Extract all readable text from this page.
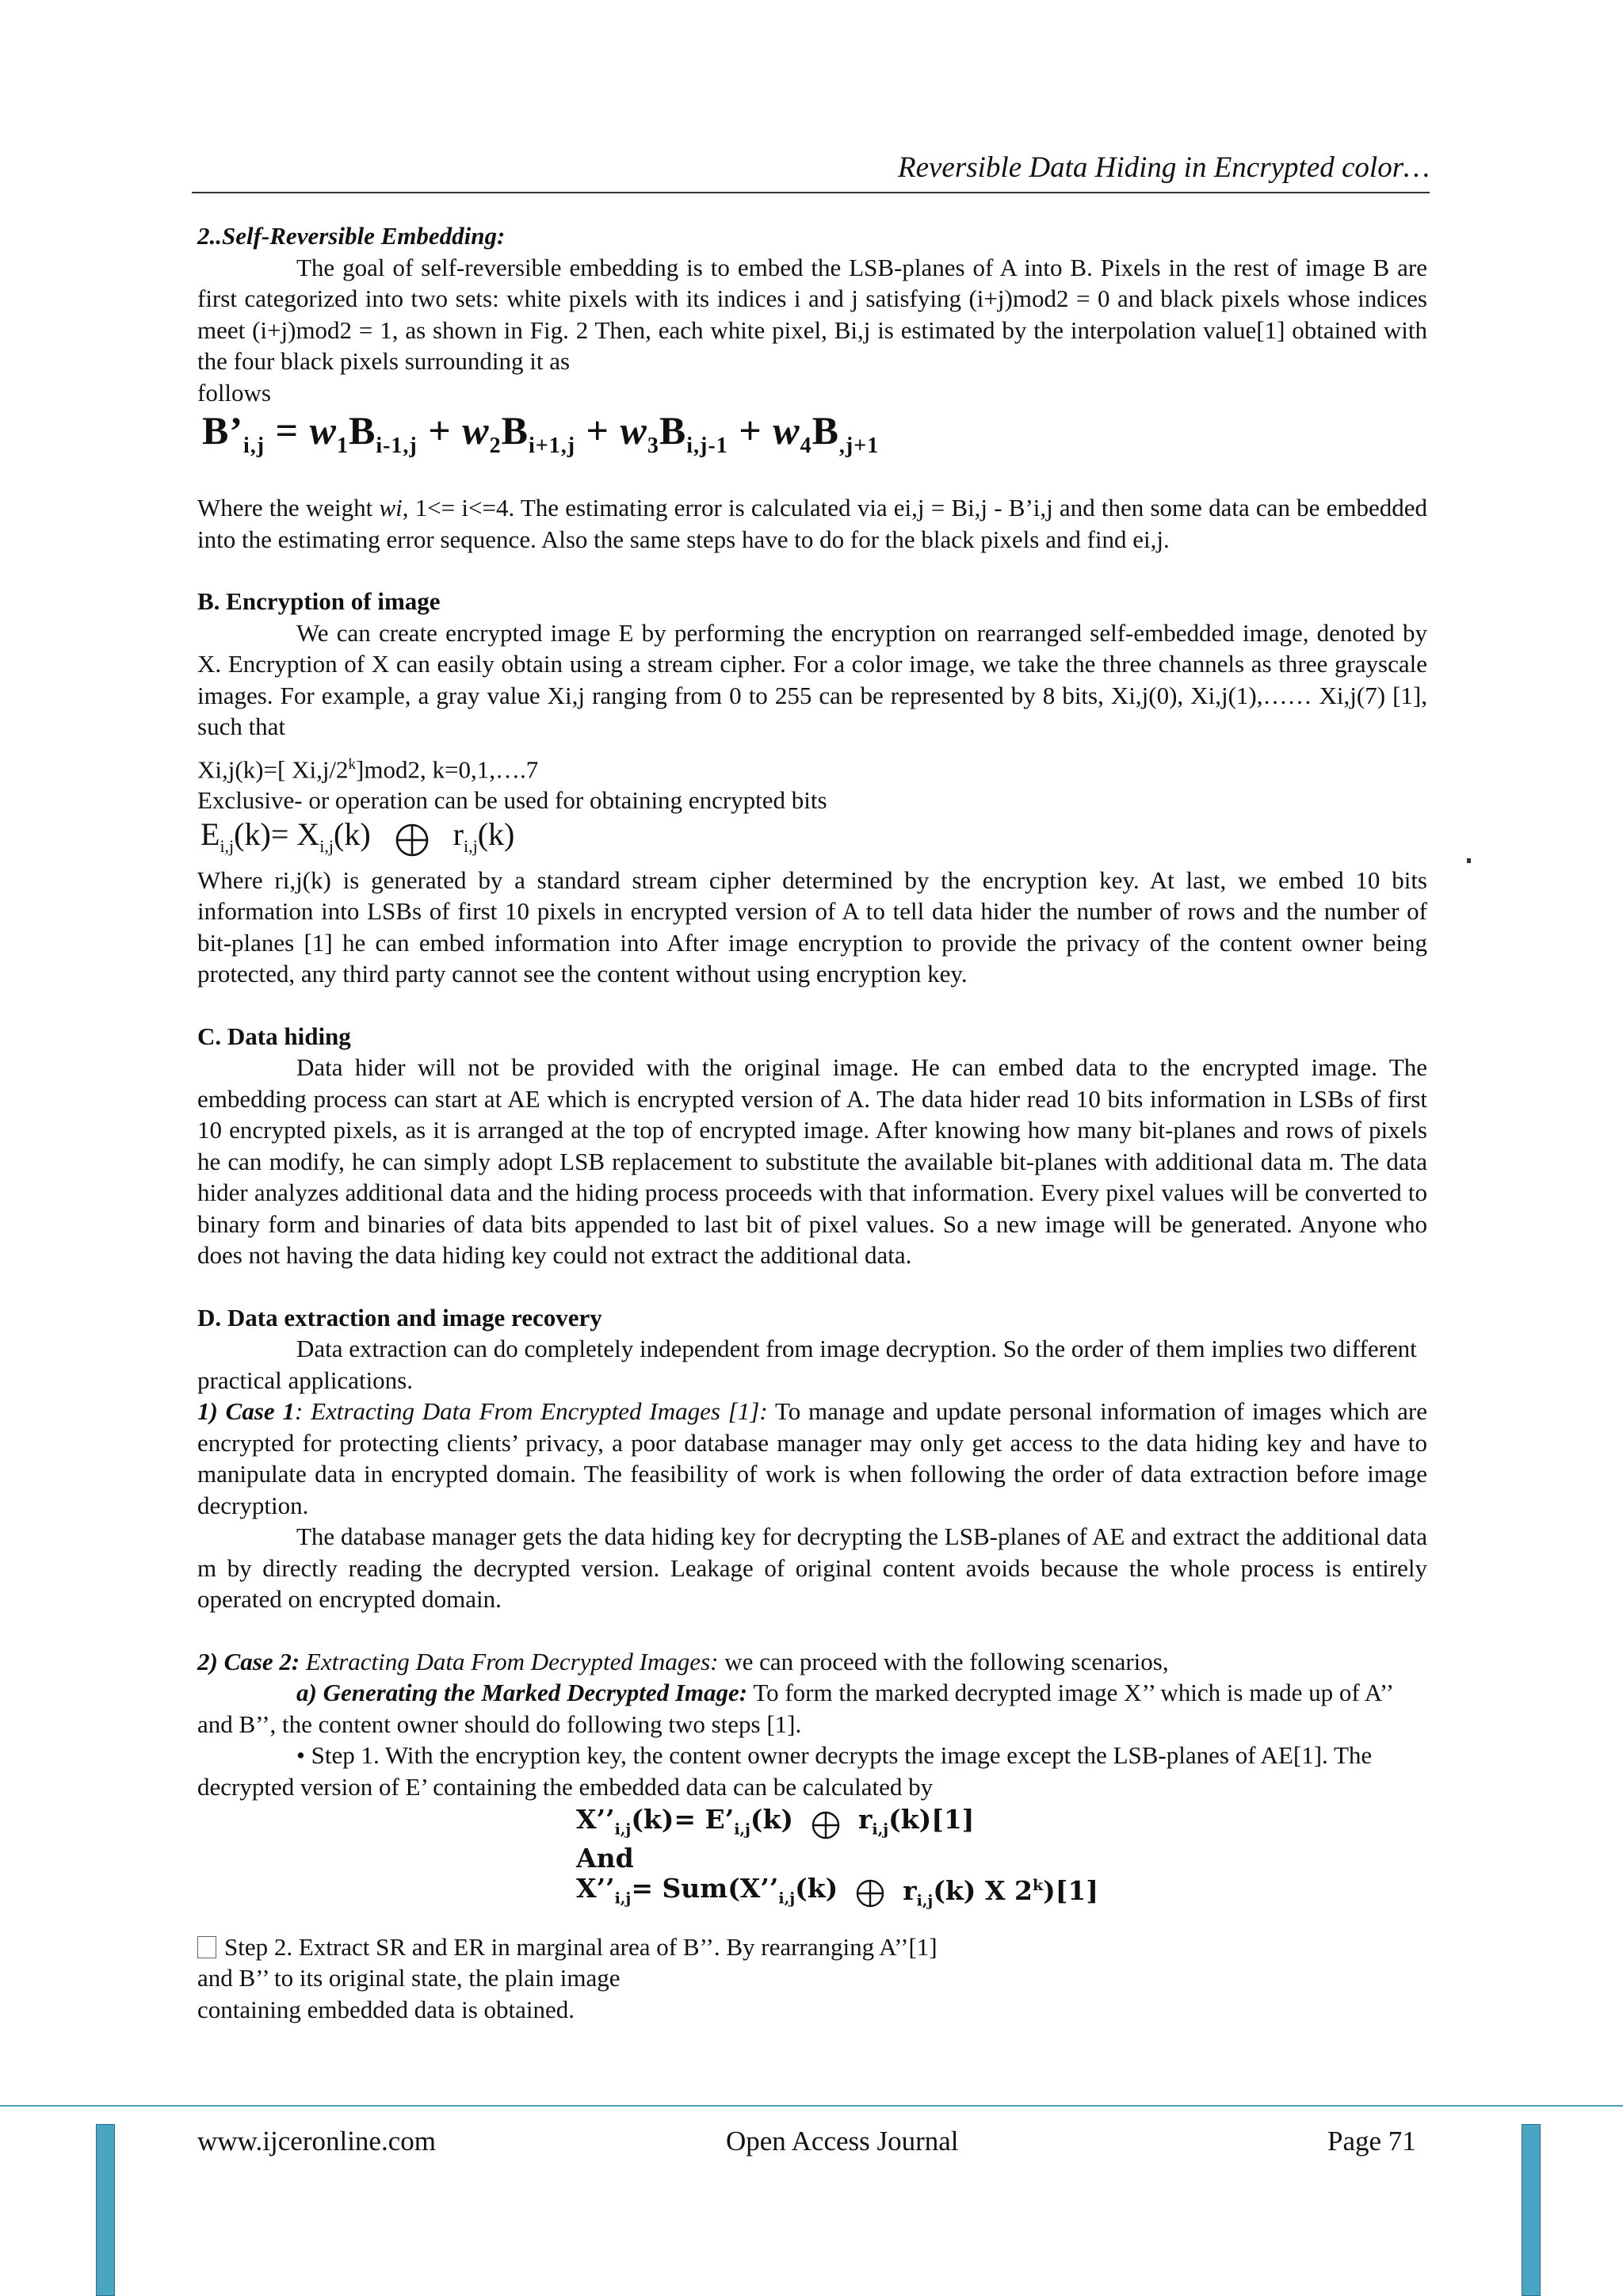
Reversible Data Hiding in Encrypted color…

2..Self-Reversible Embedding:

The goal of self-reversible embedding is to embed the LSB-planes of A into B. Pixels in the rest of image B are first categorized into two sets: white pixels with its indices i and j satisfying (i+j)mod2 = 0 and black pixels whose indices meet (i+j)mod2 = 1, as shown in Fig. 2 Then, each white pixel, Bi,j is estimated by the interpolation value[1] obtained with the four black pixels surrounding it as

follows

$B’_{i,j} = w_1B_{i-1,j} + w_2B_{i+1,j} + w_3B_{i,j-1} + w_4B_{,j+1}$

Where the weight wi, 1<= i<=4. The estimating error is calculated via ei,j = Bi,j - B’i,j and then some data can be embedded into the estimating error sequence. Also the same steps have to do for the black pixels and find ei,j.

B. Encryption of image

We can create encrypted image E by performing the encryption on rearranged self-embedded image, denoted by X. Encryption of X can easily obtain using a stream cipher. For a color image, we take the three channels as three grayscale images. For example, a gray value Xi,j ranging from 0 to 255 can be represented by 8 bits, Xi,j(0), Xi,j(1),…… Xi,j(7) [1], such that

Xi,j(k)=[ Xi,j/2$^k$]mod2, k=0,1,….7

Exclusive- or operation can be used for obtaining encrypted bits

$E_{i,j}(k)= X_{i,j}(k)$	$r_{i,j}(k)$

Where ri,j(k) is generated by a standard stream cipher determined by the encryption key. At last, we embed 10 bits information into LSBs of first 10 pixels in encrypted version of A to tell data hider the number of rows and the number of bit-planes [1] he can embed information into After image encryption to provide the privacy of the content owner being protected, any third party cannot see the content without using encryption key.

C. Data hiding

Data hider will not be provided with the original image. He can embed data to the encrypted image. The embedding process can start at AE which is encrypted version of A. The data hider read 10 bits information in LSBs of first 10 encrypted pixels, as it is arranged at the top of encrypted image. After knowing how many bit-planes and rows of pixels he can modify, he can simply adopt LSB replacement to substitute the available bit-planes with additional data m. The data hider analyzes additional data and the hiding process proceeds with that information. Every pixel values will be converted to binary form and binaries of data bits appended to last bit of pixel values. So a new image will be generated. Anyone who does not having the data hiding key could not extract the additional data.

D. Data extraction and image recovery

Data extraction can do completely independent from image decryption. So the order of them implies two different practical applications.

1) Case 1: Extracting Data From Encrypted Images [1]: To manage and update personal information of images which are encrypted for protecting clients’ privacy, a poor database manager may only get access to the data hiding key and have to manipulate data in encrypted domain. The feasibility of work is when following the order of data extraction before image decryption.

The database manager gets the data hiding key for decrypting the LSB-planes of AE and extract the additional data m by directly reading the decrypted version. Leakage of original content avoids because the whole process is entirely operated on encrypted domain.

2) Case 2: Extracting Data From Decrypted Images: we can proceed with the following scenarios,

a) Generating the Marked Decrypted Image: To form the marked decrypted image X’’ which is made up of A’’ and B’’, the content owner should do following two steps [1].

• Step 1. With the encryption key, the content owner decrypts the image except the LSB-planes of AE[1]. The decrypted version of E’ containing the embedded data can be calculated by

$X’’_{i,j}(k)=$ $E’_{i,j}(k)$ $r_{i,j}(k)[1]$
And
$X’’_{i,j}=$ $Sum(X’’_{i,j}(k)$ $r_{i,j}(k)$ X 2$^k$)[1]

Step 2. Extract SR and ER in marginal area of B’’. By rearranging A’’[1]

and B’’ to its original state, the plain image

containing embedded data is obtained.

www.ijceronline.com	Open Access Journal	Page 71
